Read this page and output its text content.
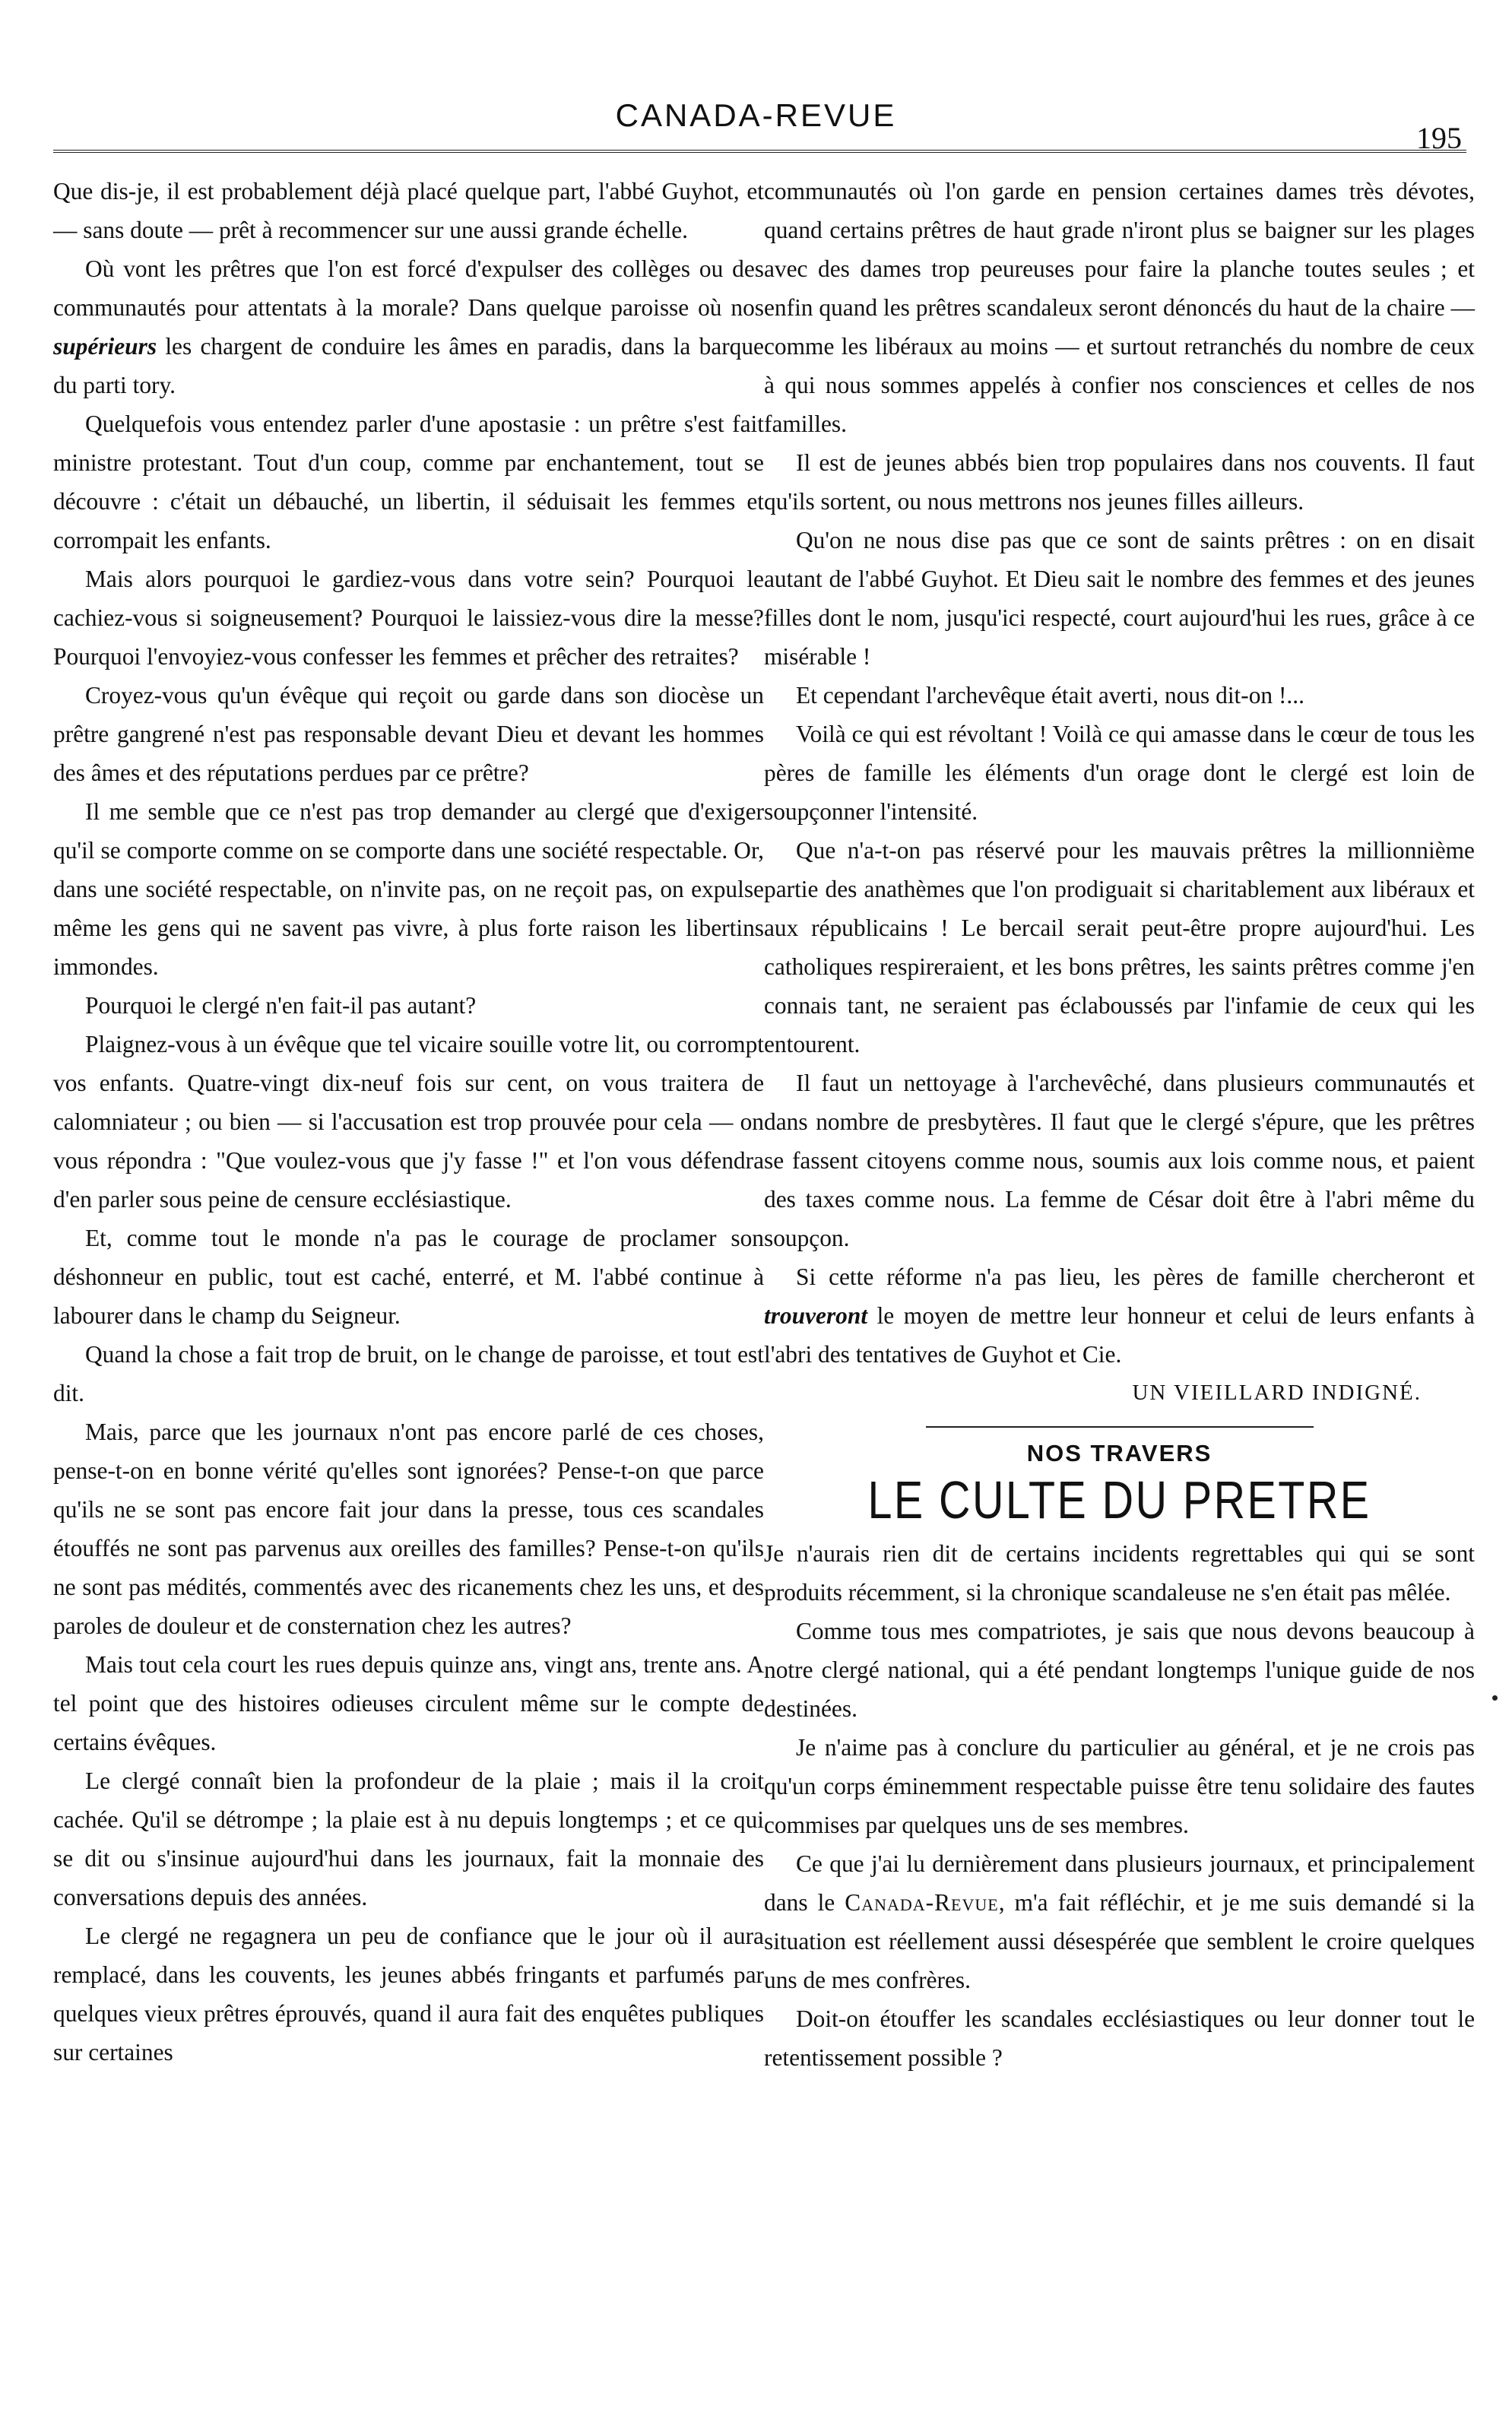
CANADA-REVUE
195

Que dis-je, il est probablement déjà placé quelque part, l'abbé Guyhot, et — sans doute — prêt à recommencer sur une aussi grande échelle.

Où vont les prêtres que l'on est forcé d'expulser des collèges ou des communautés pour attentats à la morale? Dans quelque paroisse où nos supérieurs les chargent de conduire les âmes en paradis, dans la barque du parti tory.

Quelquefois vous entendez parler d'une apostasie : un prêtre s'est fait ministre protestant. Tout d'un coup, comme par enchantement, tout se découvre : c'était un débauché, un libertin, il séduisait les femmes et corrompait les enfants.

Mais alors pourquoi le gardiez-vous dans votre sein? Pourquoi le cachiez-vous si soigneusement? Pourquoi le laissiez-vous dire la messe? Pourquoi l'envoyiez-vous confesser les femmes et prêcher des retraites?

Croyez-vous qu'un évêque qui reçoit ou garde dans son diocèse un prêtre gangrené n'est pas responsable devant Dieu et devant les hommes des âmes et des réputations perdues par ce prêtre?

Il me semble que ce n'est pas trop demander au clergé que d'exiger qu'il se comporte comme on se comporte dans une société respectable. Or, dans une société respectable, on n'invite pas, on ne reçoit pas, on expulse même les gens qui ne savent pas vivre, à plus forte raison les libertins immondes.

Pourquoi le clergé n'en fait-il pas autant?

Plaignez-vous à un évêque que tel vicaire souille votre lit, ou corrompt vos enfants. Quatre-vingt dix-neuf fois sur cent, on vous traitera de calomniateur ; ou bien — si l'accusation est trop prouvée pour cela — on vous répondra : "Que voulez-vous que j'y fasse !" et l'on vous défendra d'en parler sous peine de censure ecclésiastique.

Et, comme tout le monde n'a pas le courage de proclamer son déshonneur en public, tout est caché, enterré, et M. l'abbé continue à labourer dans le champ du Seigneur.

Quand la chose a fait trop de bruit, on le change de paroisse, et tout est dit.

Mais, parce que les journaux n'ont pas encore parlé de ces choses, pense-t-on en bonne vérité qu'elles sont ignorées? Pense-t-on que parce qu'ils ne se sont pas encore fait jour dans la presse, tous ces scandales étouffés ne sont pas parvenus aux oreilles des familles? Pense-t-on qu'ils ne sont pas médités, commentés avec des ricanements chez les uns, et des paroles de douleur et de consternation chez les autres?

Mais tout cela court les rues depuis quinze ans, vingt ans, trente ans. A tel point que des histoires odieuses circulent même sur le compte de certains évêques.

Le clergé connaît bien la profondeur de la plaie ; mais il la croit cachée. Qu'il se détrompe ; la plaie est à nu depuis longtemps ; et ce qui se dit ou s'insinue aujourd'hui dans les journaux, fait la monnaie des conversations depuis des années.

Le clergé ne regagnera un peu de confiance que le jour où il aura remplacé, dans les couvents, les jeunes abbés fringants et parfumés par quelques vieux prêtres éprouvés, quand il aura fait des enquêtes publiques sur certaines

communautés où l'on garde en pension certaines dames très dévotes, quand certains prêtres de haut grade n'iront plus se baigner sur les plages avec des dames trop peureuses pour faire la planche toutes seules ; et enfin quand les prêtres scandaleux seront dénoncés du haut de la chaire — comme les libéraux au moins — et surtout retranchés du nombre de ceux à qui nous sommes appelés à confier nos consciences et celles de nos familles.

Il est de jeunes abbés bien trop populaires dans nos couvents. Il faut qu'ils sortent, ou nous mettrons nos jeunes filles ailleurs.

Qu'on ne nous dise pas que ce sont de saints prêtres : on en disait autant de l'abbé Guyhot. Et Dieu sait le nombre des femmes et des jeunes filles dont le nom, jusqu'ici respecté, court aujourd'hui les rues, grâce à ce misérable !

Et cependant l'archevêque était averti, nous dit-on !...

Voilà ce qui est révoltant ! Voilà ce qui amasse dans le cœur de tous les pères de famille les éléments d'un orage dont le clergé est loin de soupçonner l'intensité.

Que n'a-t-on pas réservé pour les mauvais prêtres la millionnième partie des anathèmes que l'on prodiguait si charitablement aux libéraux et aux républicains ! Le bercail serait peut-être propre aujourd'hui. Les catholiques respireraient, et les bons prêtres, les saints prêtres comme j'en connais tant, ne seraient pas éclaboussés par l'infamie de ceux qui les entourent.

Il faut un nettoyage à l'archevêché, dans plusieurs communautés et dans nombre de presbytères. Il faut que le clergé s'épure, que les prêtres se fassent citoyens comme nous, soumis aux lois comme nous, et paient des taxes comme nous. La femme de César doit être à l'abri même du soupçon.

Si cette réforme n'a pas lieu, les pères de famille chercheront et trouveront le moyen de mettre leur honneur et celui de leurs enfants à l'abri des tentatives de Guyhot et Cie.

UN VIEILLARD INDIGNÉ.

NOS TRAVERS
LE CULTE DU PRETRE

Je n'aurais rien dit de certains incidents regrettables qui qui se sont produits récemment, si la chronique scandaleuse ne s'en était pas mêlée.

Comme tous mes compatriotes, je sais que nous devons beaucoup à notre clergé national, qui a été pendant longtemps l'unique guide de nos destinées.

Je n'aime pas à conclure du particulier au général, et je ne crois pas qu'un corps éminemment respectable puisse être tenu solidaire des fautes commises par quelques uns de ses membres.

Ce que j'ai lu dernièrement dans plusieurs journaux, et principalement dans le Canada-Revue, m'a fait réfléchir, et je me suis demandé si la situation est réellement aussi désespérée que semblent le croire quelques uns de mes confrères.

Doit-on étouffer les scandales ecclésiastiques ou leur donner tout le retentissement possible ?
